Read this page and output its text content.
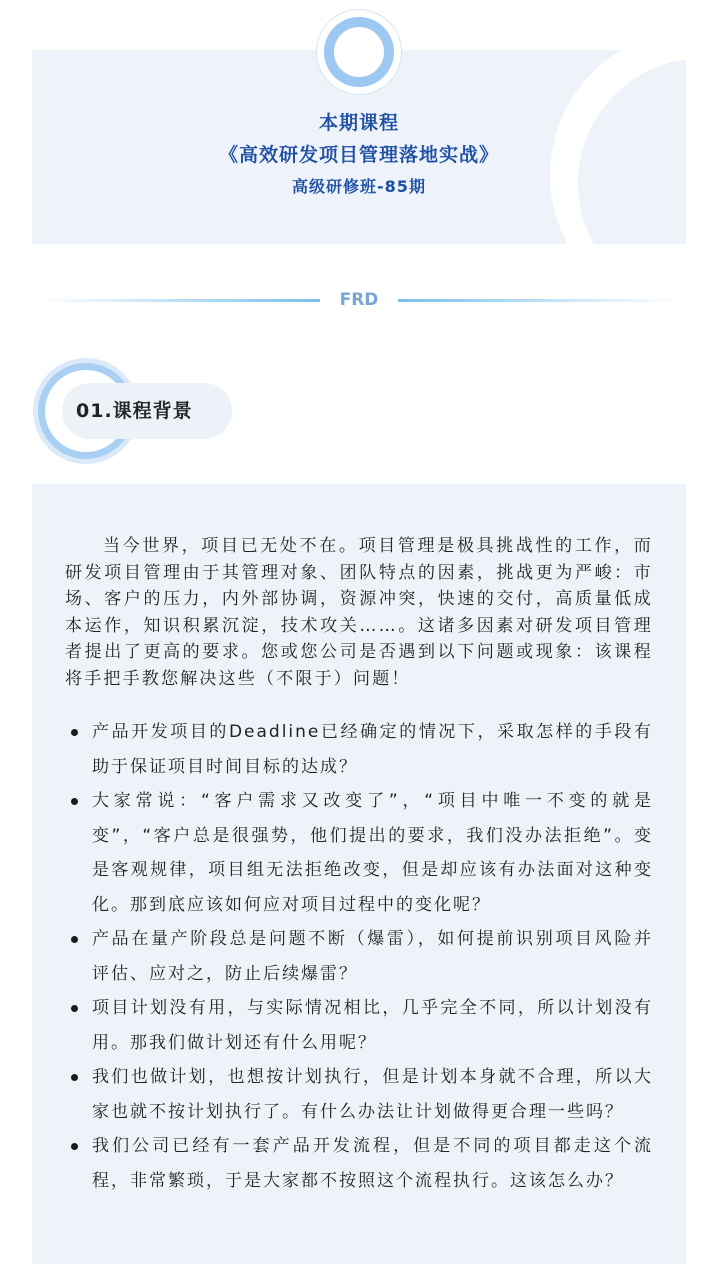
本期课程
《高效研发项目管理落地实战》
高级研修班-85期
FRD
01.课程背景

当今世界，项目已无处不在。项目管理是极具挑战性的工作，而研发项目管理由于其管理对象、团队特点的因素，挑战更为严峻：市场、客户的压力，内外部协调，资源冲突，快速的交付，高质量低成本运作，知识积累沉淀，技术攻关……。这诸多因素对研发项目管理者提出了更高的要求。您或您公司是否遇到以下问题或现象：该课程将手把手教您解决这些（不限于）问题！

产品开发项目的Deadline已经确定的情况下，采取怎样的手段有助于保证项目时间目标的达成？
大家常说：“客户需求又改变了”，“项目中唯一不变的就是变”，“客户总是很强势，他们提出的要求，我们没办法拒绝”。变是客观规律，项目组无法拒绝改变，但是却应该有办法面对这种变化。那到底应该如何应对项目过程中的变化呢？
产品在量产阶段总是问题不断（爆雷），如何提前识别项目风险并评估、应对之，防止后续爆雷？
项目计划没有用，与实际情况相比，几乎完全不同，所以计划没有用。那我们做计划还有什么用呢？
我们也做计划，也想按计划执行，但是计划本身就不合理，所以大家也就不按计划执行了。有什么办法让计划做得更合理一些吗？
我们公司已经有一套产品开发流程，但是不同的项目都走这个流程，非常繁琐，于是大家都不按照这个流程执行。这该怎么办？
